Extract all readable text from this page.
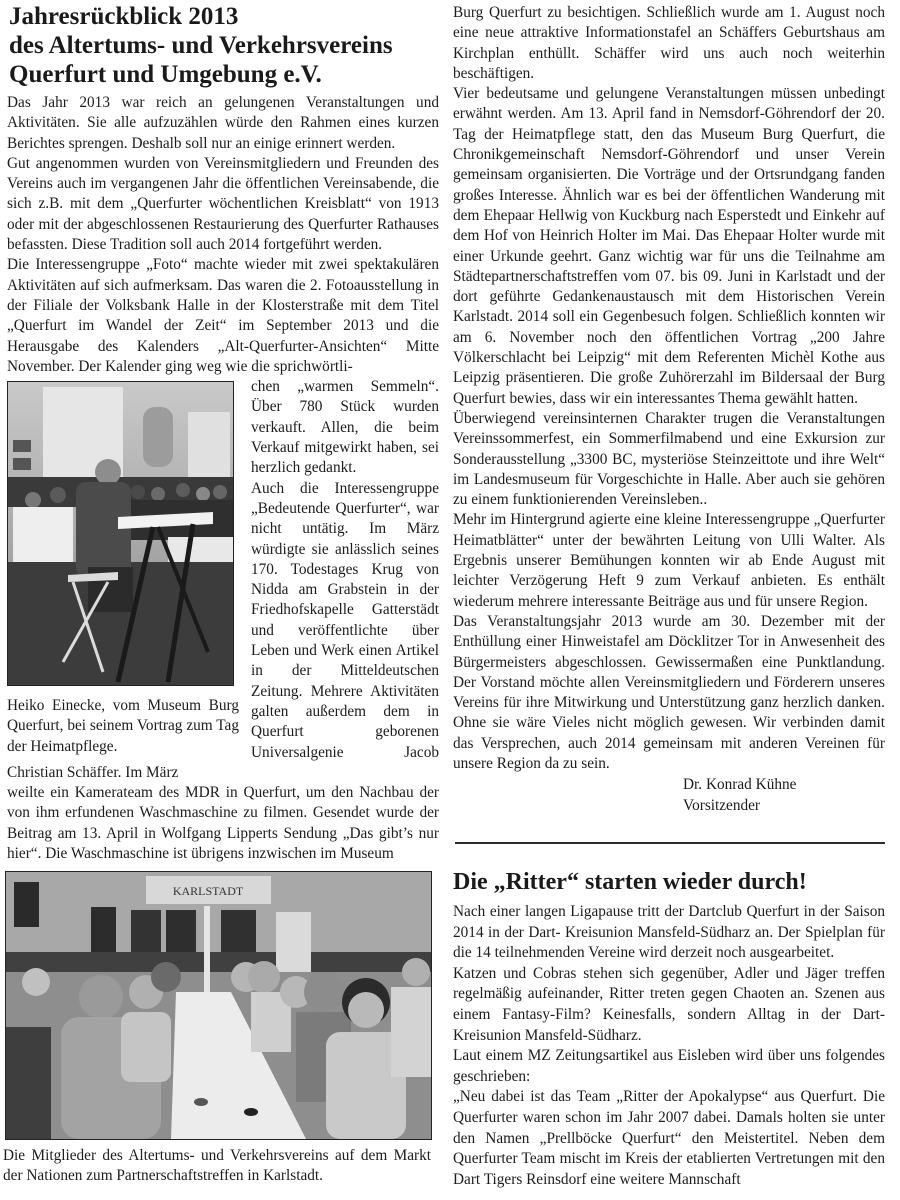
Jahresrückblick 2013
des Altertums- und Verkehrsvereins
Querfurt und Umgebung e.V.

Das Jahr 2013 war reich an gelungenen Veranstaltungen und Aktivitäten. Sie alle aufzuzählen würde den Rahmen eines kurzen Berichtes sprengen. Deshalb soll nur an einige erinnert werden.

Gut angenommen wurden von Vereinsmitgliedern und Freunden des Vereins auch im vergangenen Jahr die öffentlichen Vereinsabende, die sich z.B. mit dem „Querfurter wöchentlichen Kreisblatt“ von 1913 oder mit der abgeschlossenen Restaurierung des Querfurter Rathauses befassten. Diese Tradition soll auch 2014 fortgeführt werden.

Die Interessengruppe „Foto“ machte wieder mit zwei spektakulären Aktivitäten auf sich aufmerksam. Das waren die 2. Fotoausstellung in der Filiale der Volksbank Halle in der Klosterstraße mit dem Titel „Querfurt im Wandel der Zeit“ im September 2013 und die Herausgabe des Kalenders „Alt-Querfurter-Ansichten“ Mitte November. Der Kalender ging weg wie die sprichwörtli-

Heiko Einecke, vom Museum Burg Querfurt, bei seinem Vortrag zum Tag der Heimatpflege.

chen „warmen Semmeln“. Über 780 Stück wurden verkauft. Allen, die beim Verkauf mitgewirkt haben, sei herzlich gedankt.

Auch die Interessengruppe „Bedeutende Querfurter“, war nicht untätig. Im März würdigte sie anlässlich seines 170. Todestages Krug von Nidda am Grabstein in der Friedhofskapelle Gatterstädt und veröffentlichte über Leben und Werk einen Artikel in der Mitteldeutschen Zeitung. Mehrere Aktivitäten galten außerdem dem in Querfurt geborenen Universalgenie Jacob Christian Schäffer. Im März

weilte ein Kamerateam des MDR in Querfurt, um den Nachbau der von ihm erfundenen Waschmaschine zu filmen. Gesendet wurde der Beitrag am 13. April in Wolfgang Lipperts Sendung „Das gibt’s nur hier“. Die Waschmaschine ist übrigens inzwischen im Museum

KARLSTADT
Die Mitglieder des Altertums- und Verkehrsvereins auf dem Markt der Nationen zum Partnerschaftstreffen in Karlstadt.

Burg Querfurt zu besichtigen. Schließlich wurde am 1. August noch eine neue attraktive Informationstafel an Schäffers Geburtshaus am Kirchplan enthüllt. Schäffer wird uns auch noch weiterhin beschäftigen.

Vier bedeutsame und gelungene Veranstaltungen müssen unbedingt erwähnt werden. Am 13. April fand in Nemsdorf-Göhrendorf der 20. Tag der Heimatpflege statt, den das Museum Burg Querfurt, die Chronikgemeinschaft Nemsdorf-Göhrendorf und unser Verein gemeinsam organisierten. Die Vorträge und der Ortsrundgang fanden großes Interesse. Ähnlich war es bei der öffentlichen Wanderung mit dem Ehepaar Hellwig von Kuckburg nach Esperstedt und Einkehr auf dem Hof von Heinrich Holter im Mai. Das Ehepaar Holter wurde mit einer Urkunde geehrt. Ganz wichtig war für uns die Teilnahme am Städtepartnerschaftstreffen vom 07. bis 09. Juni in Karlstadt und der dort geführte Gedankenaustausch mit dem Historischen Verein Karlstadt. 2014 soll ein Gegenbesuch folgen. Schließlich konnten wir am 6. November noch den öffentlichen Vortrag „200 Jahre Völkerschlacht bei Leipzig“ mit dem Referenten Michèl Kothe aus Leipzig präsentieren. Die große Zuhörerzahl im Bildersaal der Burg Querfurt bewies, dass wir ein interessantes Thema gewählt hatten.

Überwiegend vereinsinternen Charakter trugen die Veranstaltungen Vereinssommerfest, ein Sommerfilmabend und eine Exkursion zur Sonderausstellung „3300 BC, mysteriöse Steinzeittote und ihre Welt“ im Landesmuseum für Vorgeschichte in Halle. Aber auch sie gehören zu einem funktionierenden Vereinsleben..

Mehr im Hintergrund agierte eine kleine Interessengruppe „Querfurter Heimatblätter“ unter der bewährten Leitung von Ulli Walter. Als Ergebnis unserer Bemühungen konnten wir ab Ende August mit leichter Verzögerung Heft 9 zum Verkauf anbieten. Es enthält wiederum mehrere interessante Beiträge aus und für unsere Region.

Das Veranstaltungsjahr 2013 wurde am 30. Dezember mit der Enthüllung einer Hinweistafel am Döcklitzer Tor in Anwesenheit des Bürgermeisters abgeschlossen. Gewissermaßen eine Punktlandung. Der Vorstand möchte allen Vereinsmitgliedern und Förderern unseres Vereins für ihre Mitwirkung und Unterstützung ganz herzlich danken. Ohne sie wäre Vieles nicht möglich gewesen. Wir verbinden damit das Versprechen, auch 2014 gemeinsam mit anderen Vereinen für unsere Region da zu sein.

Dr. Konrad Kühne
Vorsitzender
Die „Ritter“ starten wieder durch!

Nach einer langen Ligapause tritt der Dartclub Querfurt in der Saison 2014 in der Dart- Kreisunion Mansfeld-Südharz an. Der Spielplan für die 14 teilnehmenden Vereine wird derzeit noch ausgearbeitet.

Katzen und Cobras stehen sich gegenüber, Adler und Jäger treffen regelmäßig aufeinander, Ritter treten gegen Chaoten an. Szenen aus einem Fantasy-Film? Keinesfalls, sondern Alltag in der Dart-Kreisunion Mansfeld-Südharz.

Laut einem MZ Zeitungsartikel aus Eisleben wird über uns folgendes geschrieben:

„Neu dabei ist das Team „Ritter der Apokalypse“ aus Querfurt. Die Querfurter waren schon im Jahr 2007 dabei. Damals holten sie unter den Namen „Prellböcke Querfurt“ den Meistertitel. Neben dem Querfurter Team mischt im Kreis der etablierten Vertretungen mit den Dart Tigers Reinsdorf eine weitere Mannschaft
